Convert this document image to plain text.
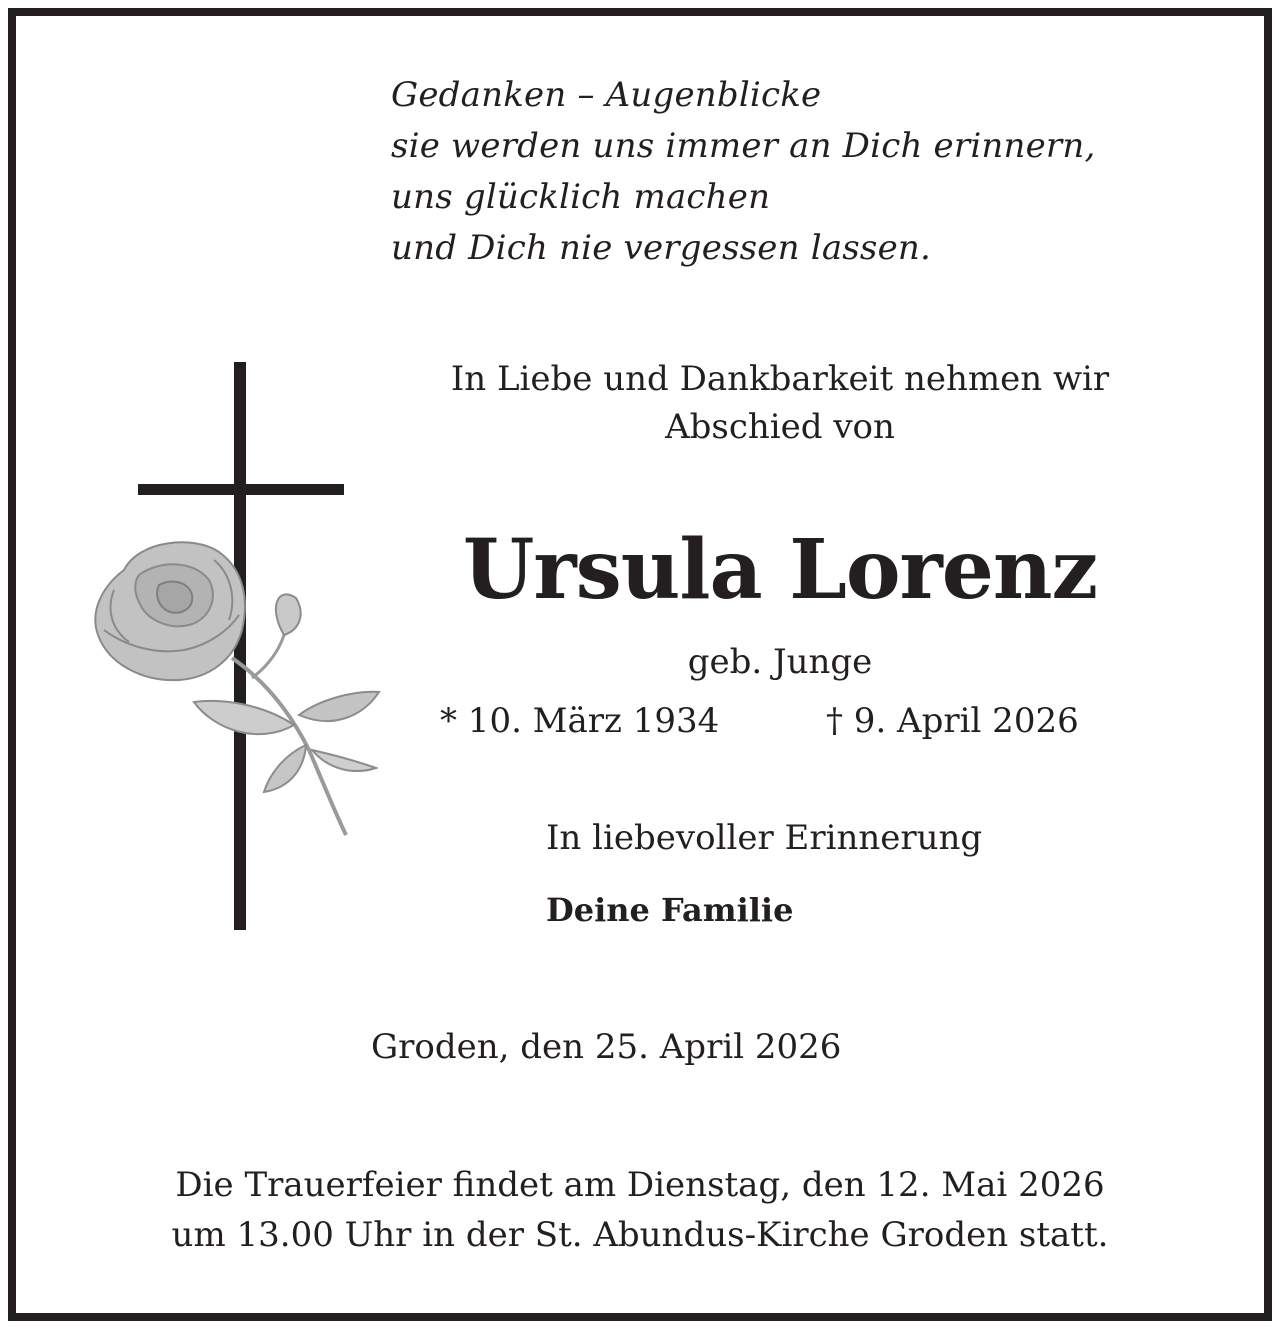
Gedanken – Augenblicke
sie werden uns immer an Dich erinnern,
uns glücklich machen
und Dich nie vergessen lassen.
In Liebe und Dankbarkeit nehmen wir
Abschied von
Ursula Lorenz
geb. Junge
* 10. März 1934	† 9. April 2026
In liebevoller Erinnerung
Deine Familie
Groden, den 25. April 2026
Die Trauerfeier findet am Dienstag, den 12. Mai 2026
um 13.00 Uhr in der St. Abundus-Kirche Groden statt.
